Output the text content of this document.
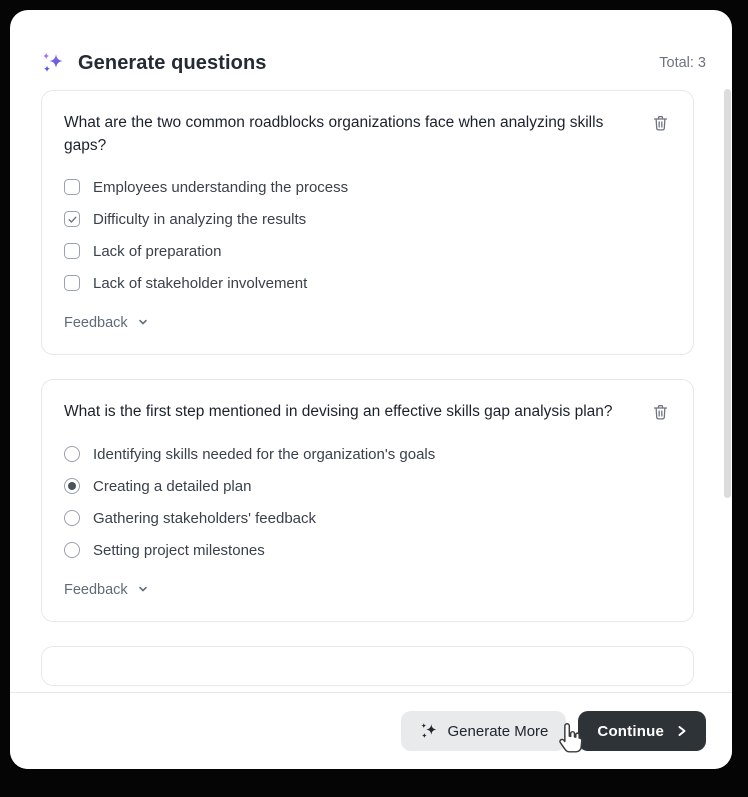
Generate questions	Total: 3
What are the two common roadblocks organizations face when analyzing skills gaps?
Employees understanding the process
Difficulty in analyzing the results
Lack of preparation
Lack of stakeholder involvement
Feedback
What is the first step mentioned in devising an effective skills gap analysis plan?
Identifying skills needed for the organization's goals
Creating a detailed plan
Gathering stakeholders' feedback
Setting project milestones
Feedback
Generate More	Continue
